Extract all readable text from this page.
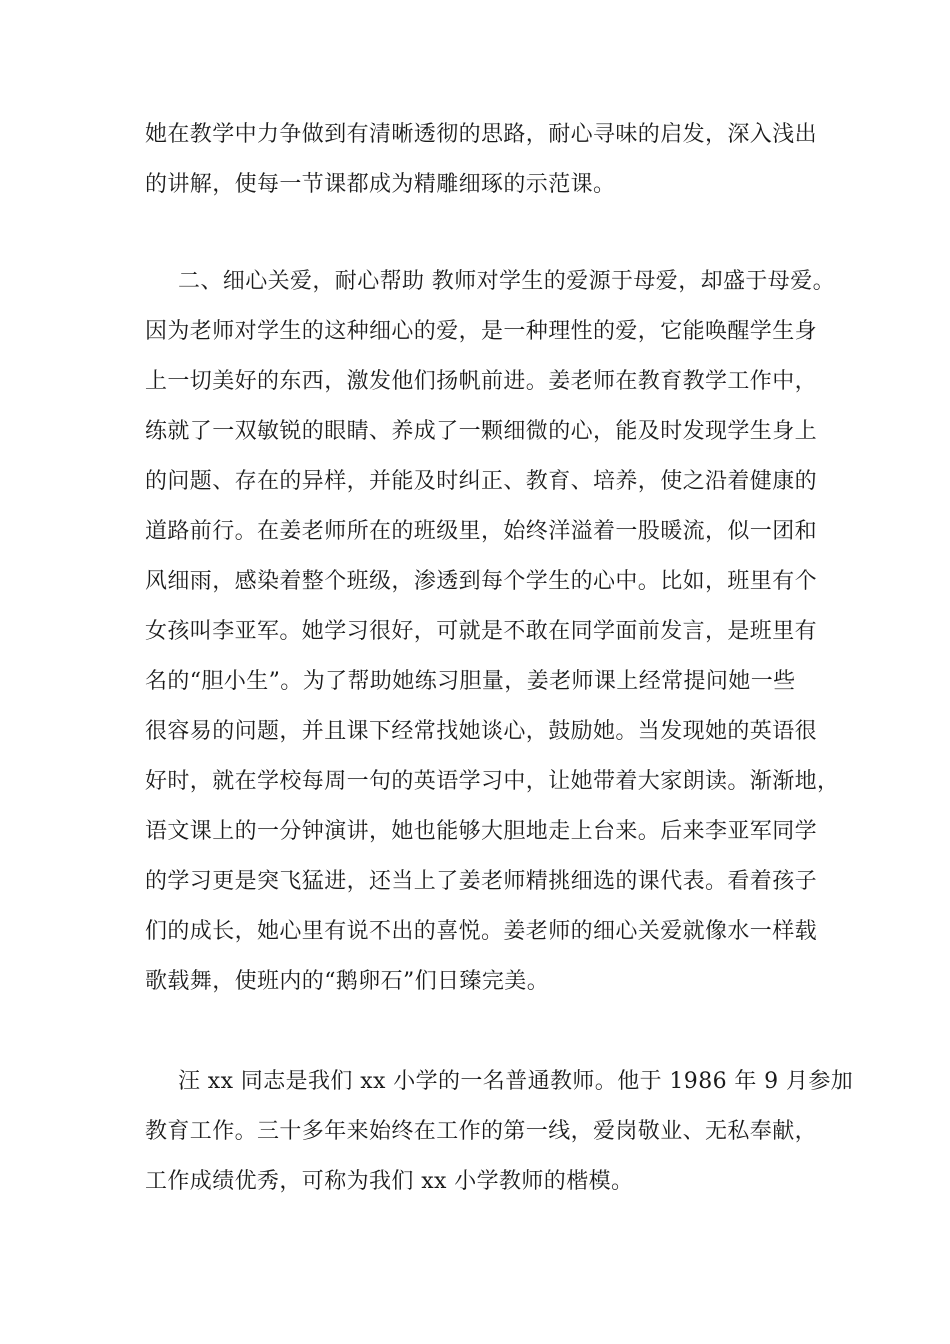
她在教学中力争做到有清晰透彻的思路，耐心寻味的启发，深入浅出
的讲解，使每一节课都成为精雕细琢的示范课。
二、细心关爱，耐心帮助 教师对学生的爱源于母爱，却盛于母爱。
因为老师对学生的这种细心的爱，是一种理性的爱，它能唤醒学生身
上一切美好的东西，激发他们扬帆前进。姜老师在教育教学工作中，
练就了一双敏锐的眼睛、养成了一颗细微的心，能及时发现学生身上
的问题、存在的异样，并能及时纠正、教育、培养，使之沿着健康的
道路前行。在姜老师所在的班级里，始终洋溢着一股暖流，似一团和
风细雨，感染着整个班级，渗透到每个学生的心中。比如，班里有个
女孩叫李亚军。她学习很好，可就是不敢在同学面前发言，是班里有
名的“胆小生”。为了帮助她练习胆量，姜老师课上经常提问她一些
很容易的问题，并且课下经常找她谈心，鼓励她。当发现她的英语很
好时，就在学校每周一句的英语学习中，让她带着大家朗读。渐渐地，
语文课上的一分钟演讲，她也能够大胆地走上台来。后来李亚军同学
的学习更是突飞猛进，还当上了姜老师精挑细选的课代表。看着孩子
们的成长，她心里有说不出的喜悦。姜老师的细心关爱就像水一样载
歌载舞，使班内的“鹅卵石”们日臻完美。
汪 xx 同志是我们 xx 小学的一名普通教师。他于 1986 年 9 月参加
教育工作。三十多年来始终在工作的第一线，爱岗敬业、无私奉献，
工作成绩优秀，可称为我们 xx 小学教师的楷模。
